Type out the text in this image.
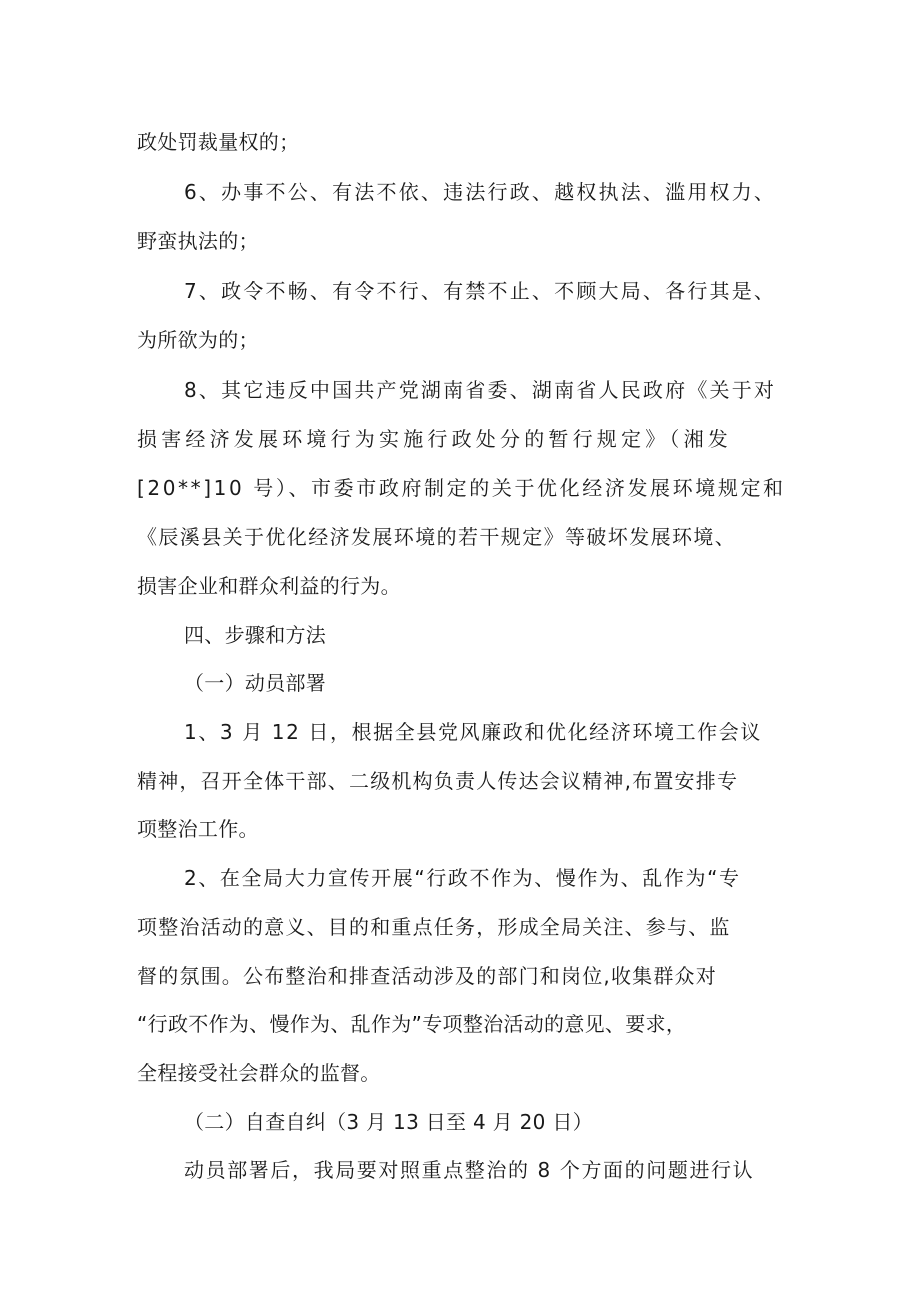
政处罚裁量权的；
6、办事不公、有法不依、违法行政、越权执法、滥用权力、
野蛮执法的；
7、政令不畅、有令不行、有禁不止、不顾大局、各行其是、
为所欲为的；
8、其它违反中国共产党湖南省委、湖南省人民政府《关于对
损害经济发展环境行为实施行政处分的暂行规定》（湘发
[20**]10 号）、市委市政府制定的关于优化经济发展环境规定和
《辰溪县关于优化经济发展环境的若干规定》等破坏发展环境、
损害企业和群众利益的行为。
四、步骤和方法
（一）动员部署
1、3 月 12 日，根据全县党风廉政和优化经济环境工作会议
精神，召开全体干部、二级机构负责人传达会议精神,布置安排专
项整治工作。
2、在全局大力宣传开展“行政不作为、慢作为、乱作为“专
项整治活动的意义、目的和重点任务，形成全局关注、参与、监
督的氛围。公布整治和排查活动涉及的部门和岗位,收集群众对
“行政不作为、慢作为、乱作为”专项整治活动的意见、要求，
全程接受社会群众的监督。
（二）自查自纠（3 月 13 日至 4 月 20 日）
动员部署后，我局要对照重点整治的 8 个方面的问题进行认
